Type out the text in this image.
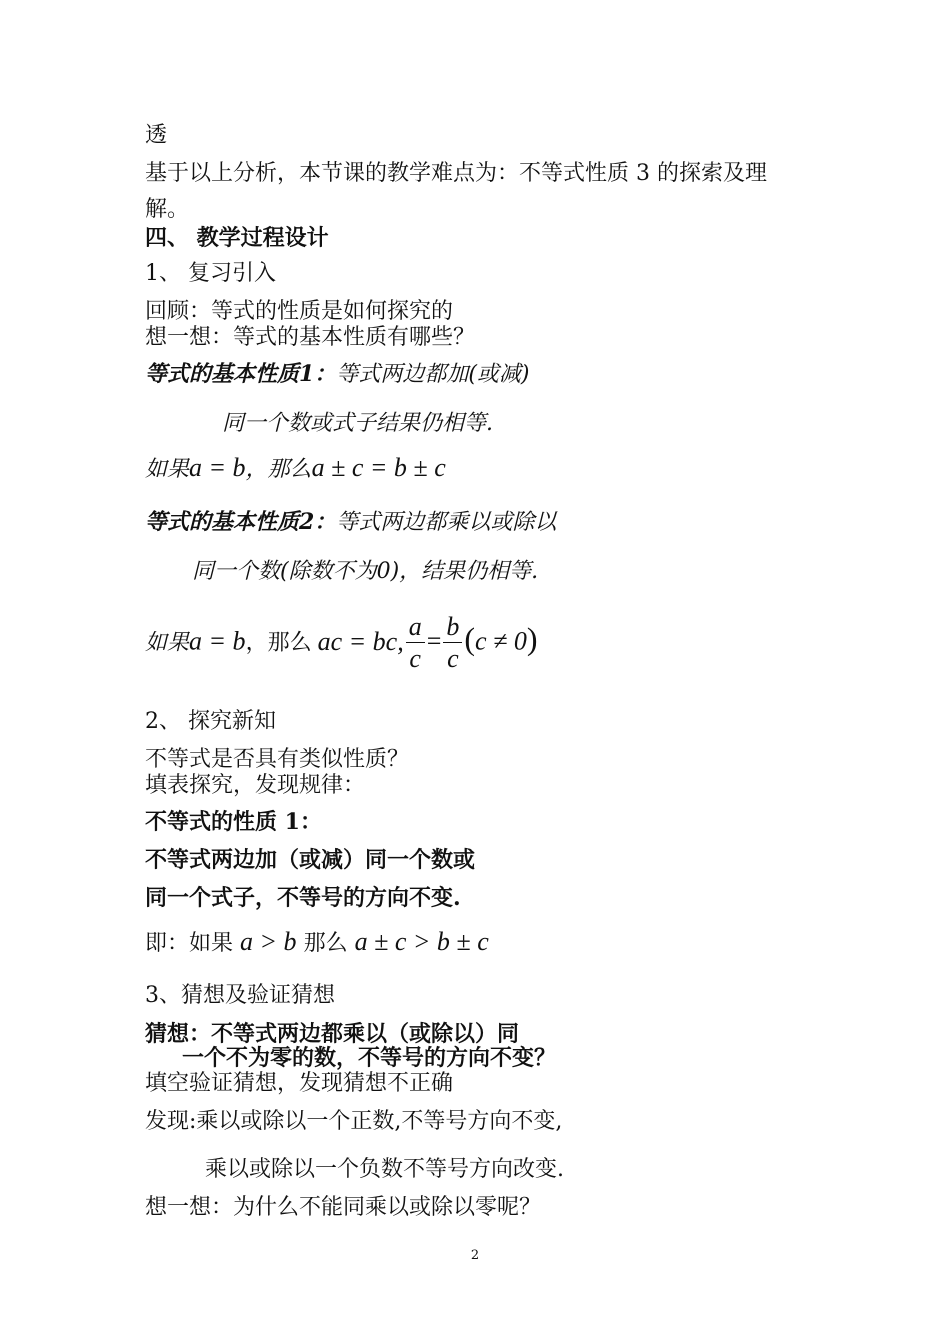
透
基于以上分析，本节课的教学难点为：不等式性质 3 的探索及理
解。
四、 教学过程设计
1、 复习引入
回顾：等式的性质是如何探究的
想一想：等式的基本性质有哪些？
等式的基本性质1：等式两边都加(或减)
同一个数或式子结果仍相等.
如果a = b，那么a ± c = b ± c
等式的基本性质2：等式两边都乘以或除以
同一个数(除数不为0)，结果仍相等.
如果a = b，那么 ac = bc, $\frac{a}{c} = \frac{b}{c} (c \ne 0)$
2、 探究新知
不等式是否具有类似性质？
填表探究，发现规律：
不等式的性质 1：
不等式两边加（或减）同一个数或
同一个式子，不等号的方向不变.
即：如果 a > b 那么 a ± c > b ± c
3、猜想及验证猜想
猜想：不等式两边都乘以（或除以）同
一个不为零的数，不等号的方向不变？
填空验证猜想，发现猜想不正确
发现:乘以或除以一个正数,不等号方向不变,
乘以或除以一个负数不等号方向改变.
想一想：为什么不能同乘以或除以零呢？
2
